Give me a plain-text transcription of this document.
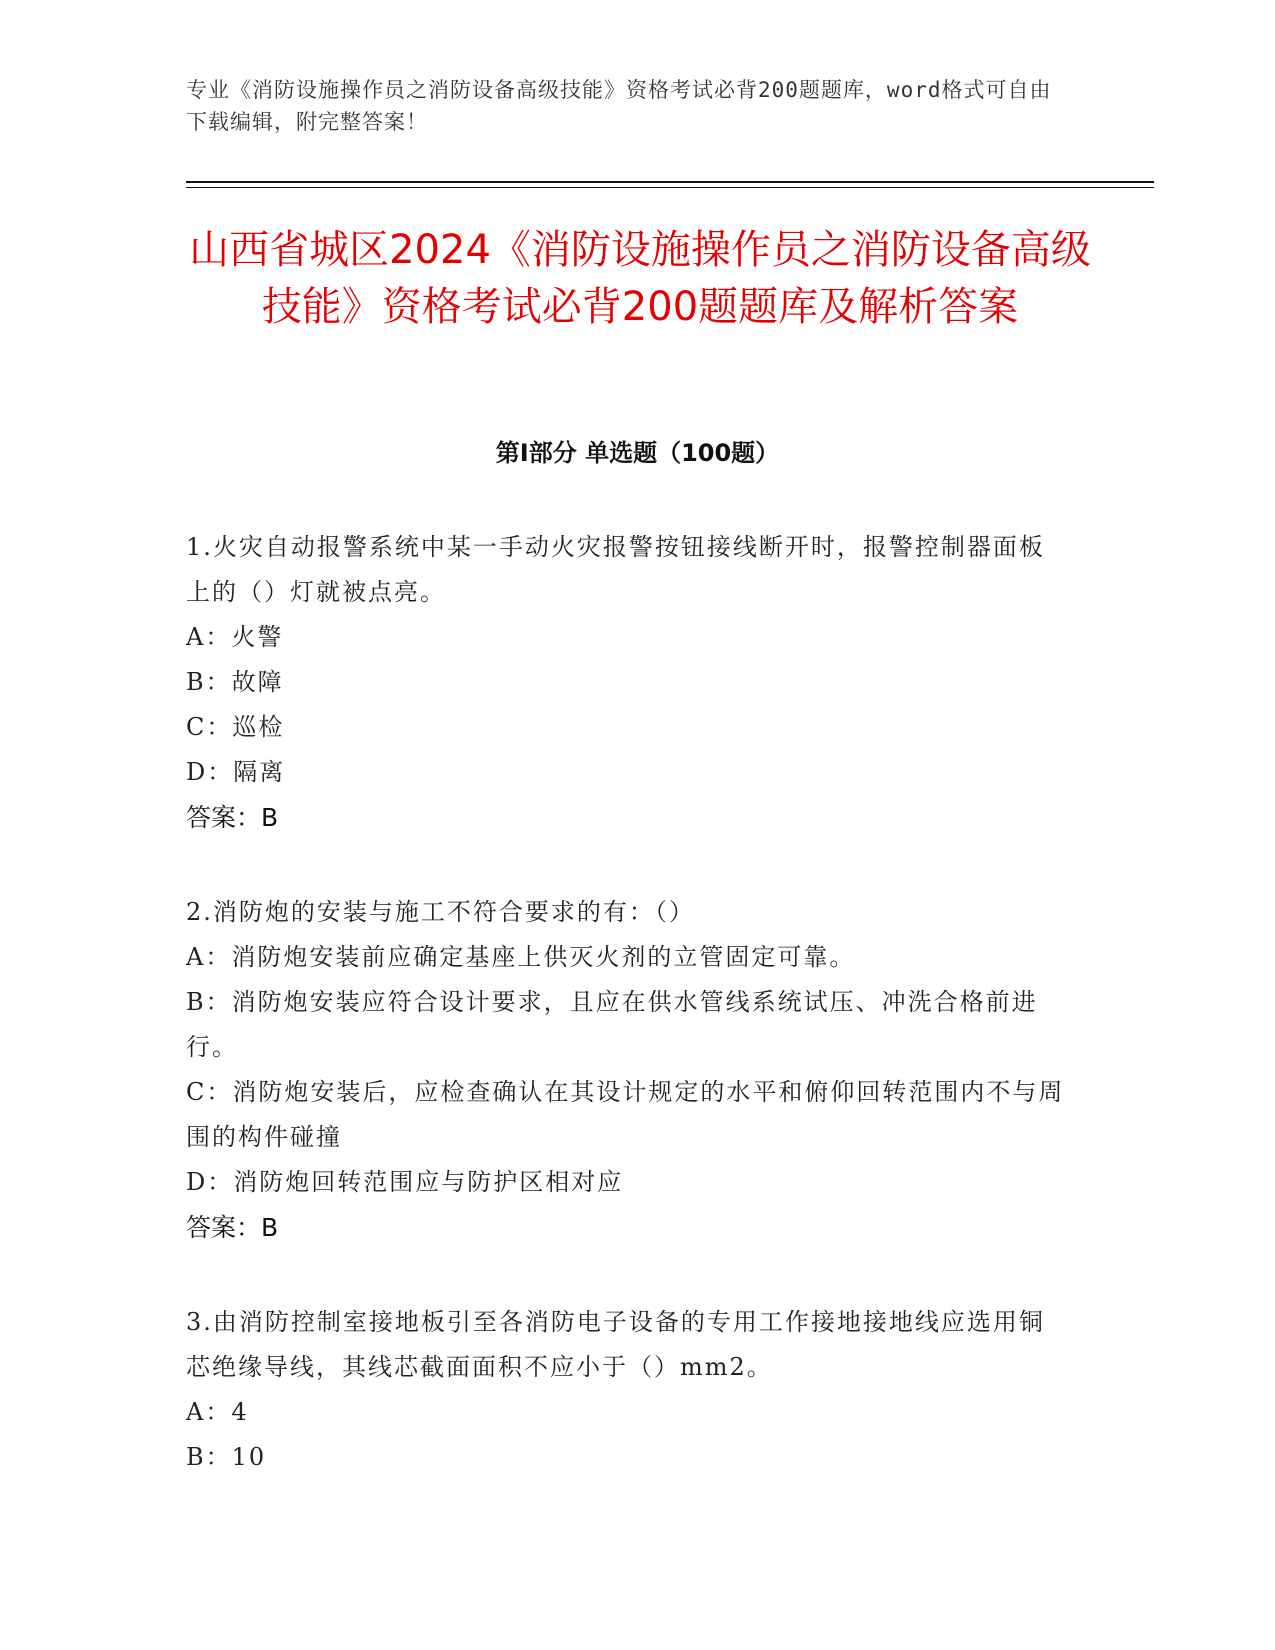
专业《消防设施操作员之消防设备高级技能》资格考试必背200题题库，word格式可自由下载编辑，附完整答案！
山西省城区2024《消防设施操作员之消防设备高级技能》资格考试必背200题题库及解析答案
第Ⅰ部分 单选题（100题）
1.火灾自动报警系统中某一手动火灾报警按钮接线断开时，报警控制器面板上的（）灯就被点亮。
A：火警
B：故障
C：巡检
D：隔离
答案：B
2.消防炮的安装与施工不符合要求的有：（）
A：消防炮安装前应确定基座上供灭火剂的立管固定可靠。
B：消防炮安装应符合设计要求，且应在供水管线系统试压、冲洗合格前进行。
C：消防炮安装后，应检查确认在其设计规定的水平和俯仰回转范围内不与周围的构件碰撞
D：消防炮回转范围应与防护区相对应
答案：B
3.由消防控制室接地板引至各消防电子设备的专用工作接地接地线应选用铜芯绝缘导线，其线芯截面面积不应小于（）mm2。
A：4
B：10
